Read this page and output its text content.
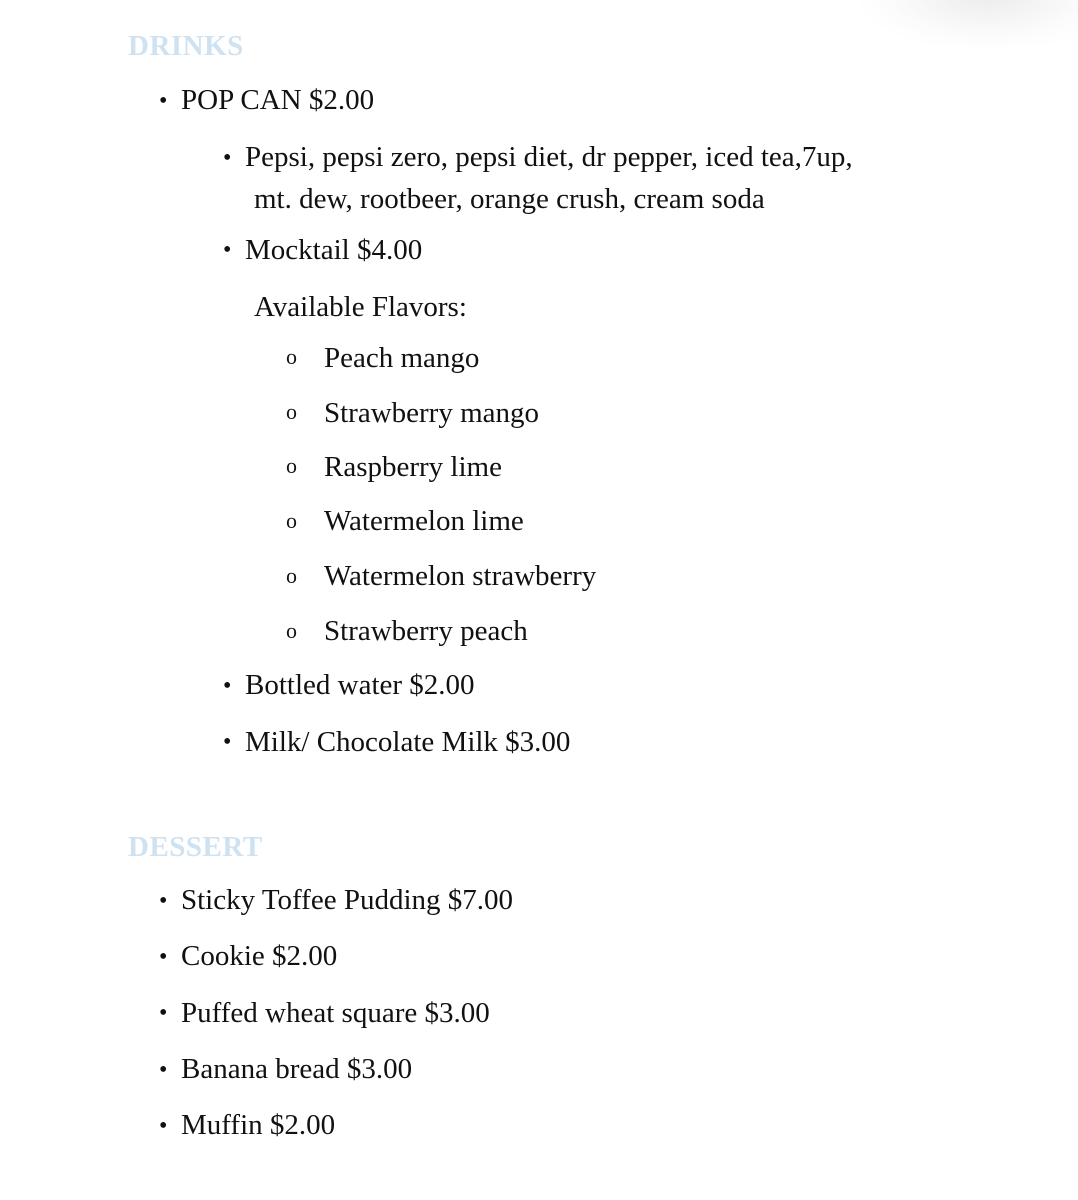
DRINKS
• POP CAN $2.00
• Pepsi, pepsi zero, pepsi diet, dr pepper, iced tea,7up,
mt. dew, rootbeer, orange crush, cream soda
• Mocktail $4.00
Available Flavors:
o Peach mango
o Strawberry mango
o Raspberry lime
o Watermelon lime
o Watermelon strawberry
o Strawberry peach
• Bottled water $2.00
• Milk/ Chocolate Milk $3.00
DESSERT
• Sticky Toffee Pudding $7.00
• Cookie $2.00
• Puffed wheat square $3.00
• Banana bread $3.00
• Muffin $2.00
